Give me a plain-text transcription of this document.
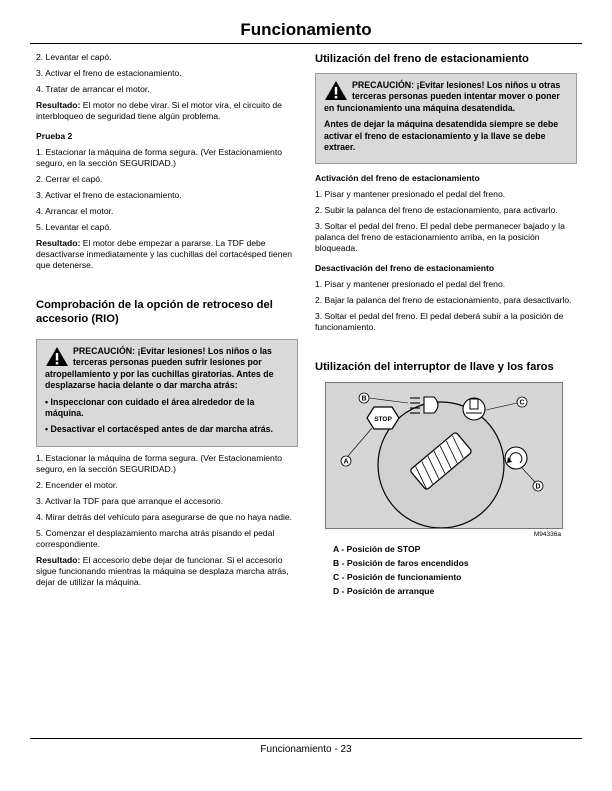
Funcionamiento

2. Levantar el capó.

3. Activar el freno de estacionamiento.

4. Tratar de arrancar el motor.

Resultado: El motor no debe virar. Si el motor vira, el circuito de interbloqueo de seguridad tiene algún problema.

Prueba 2

1. Estacionar la máquina de forma segura. (Ver Estacionamiento seguro, en la sección SEGURIDAD.)

2. Cerrar el capó.

3. Activar el freno de estacionamiento.

4. Arrancar el motor.

5. Levantar el capó.

Resultado: El motor debe empezar a pararse. La TDF debe desactivarse inmediatamente y las cuchillas del cortacésped tienen que detenerse.

Comprobación de la opción de retroceso del accesorio (RIO)

PRECAUCIÓN: ¡Evitar lesiones! Los niños o las terceras personas pueden sufrir lesiones por atropellamiento y por las cuchillas giratorias. Antes de desplazarse hacia delante o dar marcha atrás:

• Inspeccionar con cuidado el área alrededor de la máquina.

• Desactivar el cortacésped antes de dar marcha atrás.

1. Estacionar la máquina de forma segura. (Ver Estacionamiento seguro, en la sección SEGURIDAD.)

2. Encender el motor.

3. Activar la TDF para que arranque el accesorio.

4. Mirar detrás del vehículo para asegurarse de que no haya nadie.

5. Comenzar el desplazamiento marcha atrás pisando el pedal correspondiente.

Resultado: El accesorio debe dejar de funcionar. Si el accesorio sigue funcionando mientras la máquina se desplaza marcha atrás, dejar de utilizar la máquina.

Utilización del freno de estacionamiento

PRECAUCIÓN: ¡Evitar lesiones! Los niños u otras terceras personas pueden intentar mover o poner en funcionamiento una máquina desatendida.

Antes de dejar la máquina desatendida siempre se debe activar el freno de estacionamiento y la llave se debe extraer.

Activación del freno de estacionamiento

1. Pisar y mantener presionado el pedal del freno.

2. Subir la palanca del freno de estacionamiento, para activarlo.

3. Soltar el pedal del freno. El pedal debe permanecer bajado y la palanca del freno de estacionamiento arriba, en la posición bloqueada.

Desactivación del freno de estacionamiento

1. Pisar y mantener presionado el pedal del freno.

2. Bajar la palanca del freno de estacionamiento, para desactivarlo.

3. Soltar el pedal del freno. El pedal deberá subir a la posición de funcionamiento.

Utilización del interruptor de llave y los faros
STOP
B
C
A
D
M94336a

A - Posición de STOP

B - Posición de faros encendidos

C - Posición de funcionamiento

D - Posición de arranque

Funcionamiento - 23
